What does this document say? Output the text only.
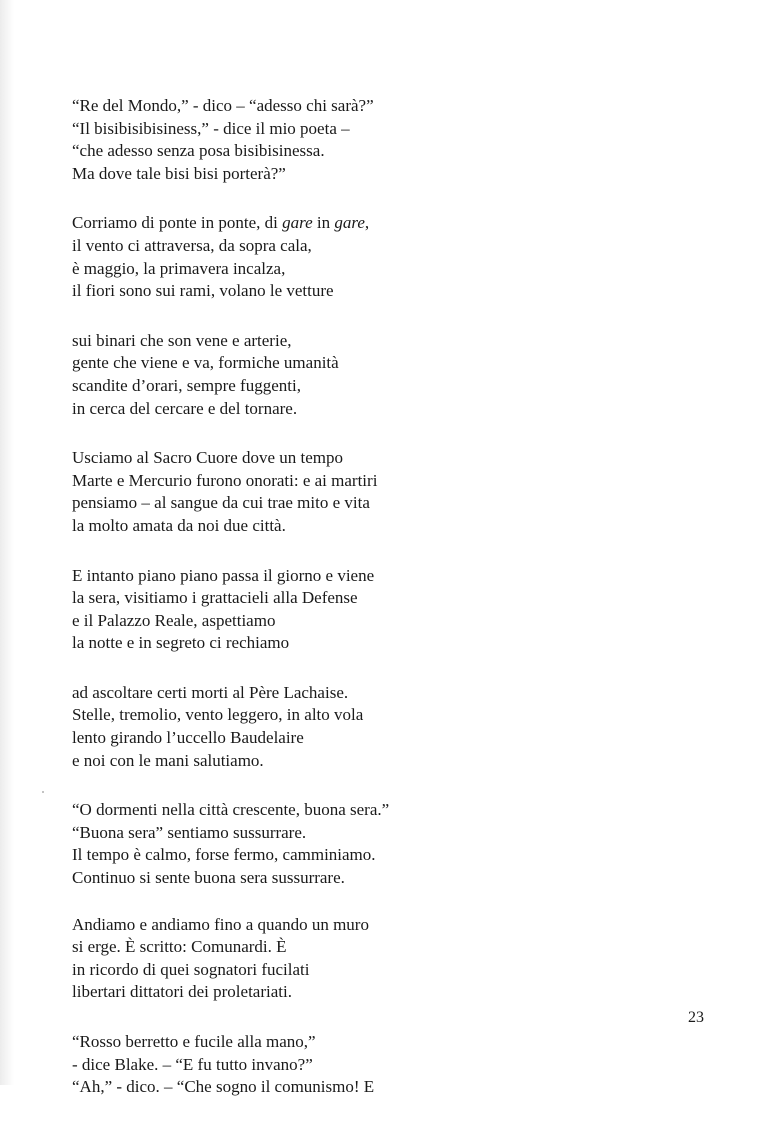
“Re del Mondo,” - dico – “adesso chi sarà?”
“Il bisibisibisiness,” - dice il mio poeta –
“che adesso senza posa bisibisinessa.
Ma dove tale bisi bisi porterà?”
Corriamo di ponte in ponte, di gare in gare,
il vento ci attraversa, da sopra cala,
è maggio, la primavera incalza,
il fiori sono sui rami, volano le vetture
sui binari che son vene e arterie,
gente che viene e va, formiche umanità
scandite d’orari, sempre fuggenti,
in cerca del cercare e del tornare.
Usciamo al Sacro Cuore dove un tempo
Marte e Mercurio furono onorati: e ai martiri
pensiamo – al sangue da cui trae mito e vita
la molto amata da noi due città.
E intanto piano piano passa il giorno e viene
la sera, visitiamo i grattacieli alla Defense
e il Palazzo Reale, aspettiamo
la notte e in segreto ci rechiamo
ad ascoltare certi morti al Père Lachaise.
Stelle, tremolio, vento leggero, in alto vola
lento girando l’uccello Baudelaire
e noi con le mani salutiamo.
“O dormenti nella città crescente, buona sera.”
“Buona sera” sentiamo sussurrare.
Il tempo è calmo, forse fermo, camminiamo.
Continuo si sente buona sera sussurrare.
Andiamo e andiamo fino a quando un muro
si erge. È scritto: Comunardi. È
in ricordo di quei sognatori fucilati
libertari dittatori dei proletariati.
“Rosso berretto e fucile alla mano,”
- dice Blake. – “E fu tutto invano?”
“Ah,” - dico. – “Che sogno il comunismo! E
23
